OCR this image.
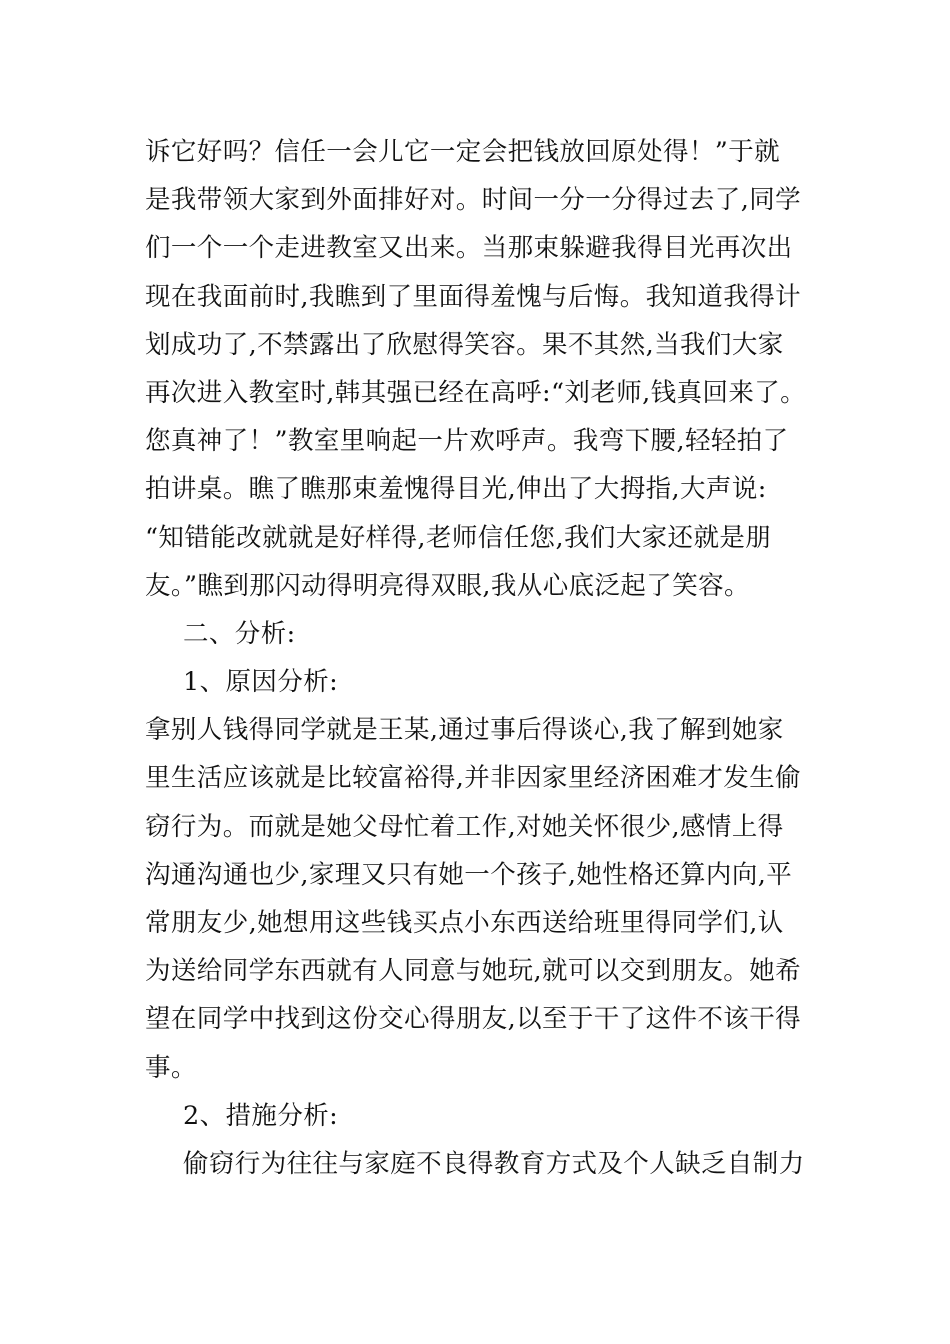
诉它好吗？信任一会儿它一定会把钱放回原处得！”于就
是我带领大家到外面排好对。时间一分一分得过去了,同学
们一个一个走进教室又出来。当那束躲避我得目光再次出
现在我面前时,我瞧到了里面得羞愧与后悔。我知道我得计
划成功了,不禁露出了欣慰得笑容。果不其然,当我们大家
再次进入教室时,韩其强已经在高呼:“刘老师,钱真回来了。
您真神了！”教室里响起一片欢呼声。我弯下腰,轻轻拍了
拍讲桌。瞧了瞧那束羞愧得目光,伸出了大拇指,大声说:
“知错能改就就是好样得,老师信任您,我们大家还就是朋
友。”瞧到那闪动得明亮得双眼,我从心底泛起了笑容。
二、分析:
1、原因分析:
拿别人钱得同学就是王某,通过事后得谈心,我了解到她家
里生活应该就是比较富裕得,并非因家里经济困难才发生偷
窃行为。而就是她父母忙着工作,对她关怀很少,感情上得
沟通沟通也少,家理又只有她一个孩子,她性格还算内向,平
常朋友少,她想用这些钱买点小东西送给班里得同学们,认
为送给同学东西就有人同意与她玩,就可以交到朋友。她希
望在同学中找到这份交心得朋友,以至于干了这件不该干得
事。
2、措施分析:
偷窃行为往往与家庭不良得教育方式及个人缺乏自制力
